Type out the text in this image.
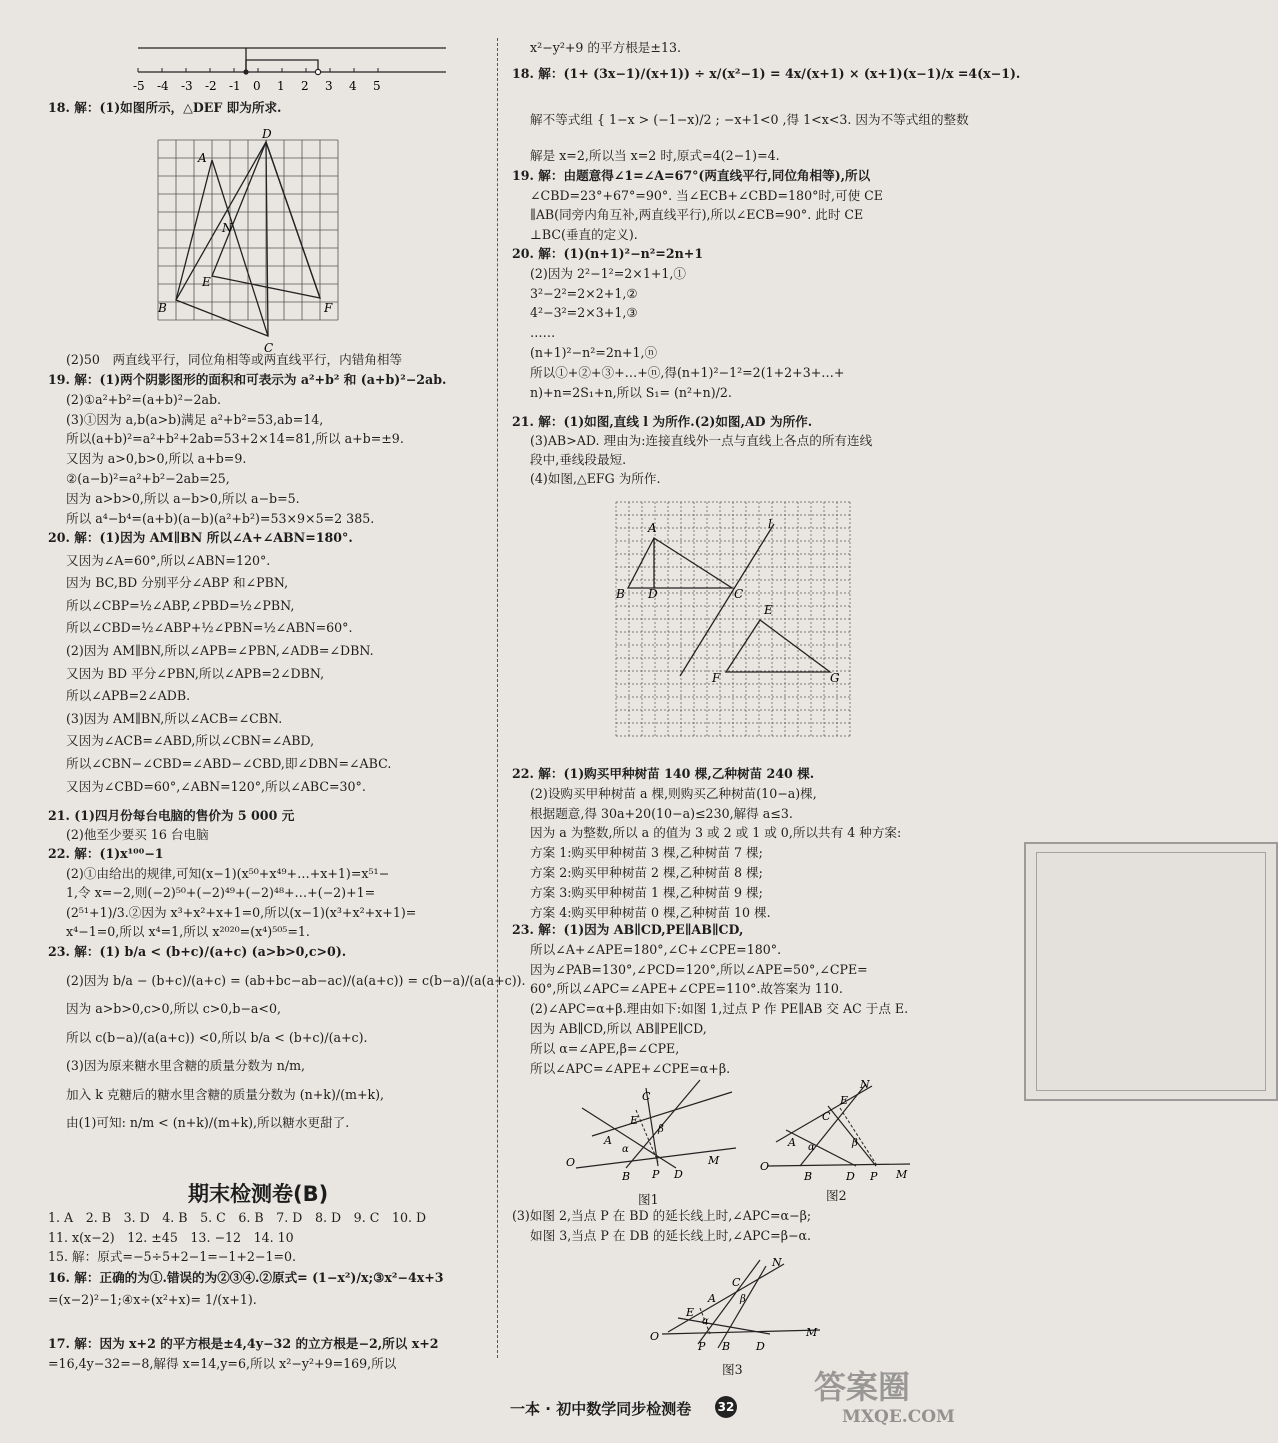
-5 -4 -3 -2 -1 0 1 2 3 4 5
18. 解：(1)如图所示，△DEF 即为所求.
D
A
N
E
B
C
F
(2)50　两直线平行，同位角相等或两直线平行，内错角相等
19. 解：(1)两个阴影图形的面积和可表示为 a²+b² 和 (a+b)²−2ab.
(2)①a²+b²=(a+b)²−2ab.
(3)①因为 a,b(a>b)满足 a²+b²=53,ab=14,
所以(a+b)²=a²+b²+2ab=53+2×14=81,所以 a+b=±9.
又因为 a>0,b>0,所以 a+b=9.
②(a−b)²=a²+b²−2ab=25,
因为 a>b>0,所以 a−b>0,所以 a−b=5.
所以 a⁴−b⁴=(a+b)(a−b)(a²+b²)=53×9×5=2 385.
20. 解：(1)因为 AM∥BN 所以∠A+∠ABN=180°.
又因为∠A=60°,所以∠ABN=120°.
因为 BC,BD 分别平分∠ABP 和∠PBN,
所以∠CBP=½∠ABP,∠PBD=½∠PBN,
所以∠CBD=½∠ABP+½∠PBN=½∠ABN=60°.
(2)因为 AM∥BN,所以∠APB=∠PBN,∠ADB=∠DBN.
又因为 BD 平分∠PBN,所以∠APB=2∠DBN,
所以∠APB=2∠ADB.
(3)因为 AM∥BN,所以∠ACB=∠CBN.
又因为∠ACB=∠ABD,所以∠CBN=∠ABD,
所以∠CBN−∠CBD=∠ABD−∠CBD,即∠DBN=∠ABC.
又因为∠CBD=60°,∠ABN=120°,所以∠ABC=30°.
21. (1)四月份每台电脑的售价为 5 000 元
(2)他至少要买 16 台电脑
22. 解：(1)x¹⁰⁰−1
(2)①由给出的规律,可知(x−1)(x⁵⁰+x⁴⁹+…+x+1)=x⁵¹−
1,令 x=−2,则(−2)⁵⁰+(−2)⁴⁹+(−2)⁴⁸+…+(−2)+1=
(2⁵¹+1)/3.②因为 x³+x²+x+1=0,所以(x−1)(x³+x²+x+1)=
x⁴−1=0,所以 x⁴=1,所以 x²⁰²⁰=(x⁴)⁵⁰⁵=1.
23. 解：(1) b/a < (b+c)/(a+c) (a>b>0,c>0).
(2)因为 b/a − (b+c)/(a+c) = (ab+bc−ab−ac)/(a(a+c)) = c(b−a)/(a(a+c)).
因为 a>b>0,c>0,所以 c>0,b−a<0,
所以 c(b−a)/(a(a+c)) <0,所以 b/a < (b+c)/(a+c).
(3)因为原来糖水里含糖的质量分数为 n/m,
加入 k 克糖后的糖水里含糖的质量分数为 (n+k)/(m+k),
由(1)可知: n/m < (n+k)/(m+k),所以糖水更甜了.
期末检测卷(B)
1. A　2. B　3. D　4. B　5. C　6. B　7. D　8. D　9. C　10. D
11. x(x−2)　12. ±45　13. −12　14. 10
15. 解：原式=−5÷5+2−1=−1+2−1=0.
16. 解：正确的为①.错误的为②③④.②原式= (1−x²)/x;③x²−4x+3
=(x−2)²−1;④x÷(x²+x)= 1/(x+1).
17. 解：因为 x+2 的平方根是±4,4y−32 的立方根是−2,所以 x+2
=16,4y−32=−8,解得 x=14,y=6,所以 x²−y²+9=169,所以
x²−y²+9 的平方根是±13.
18. 解：(1+ (3x−1)/(x+1)) ÷ x/(x²−1) = 4x/(x+1) × (x+1)(x−1)/x =4(x−1).
解不等式组 { 1−x > (−1−x)/2 ; −x+1<0 ,得 1<x<3. 因为不等式组的整数
解是 x=2,所以当 x=2 时,原式=4(2−1)=4.
19. 解：由题意得∠1=∠A=67°(两直线平行,同位角相等),所以
∠CBD=23°+67°=90°. 当∠ECB+∠CBD=180°时,可使 CE
∥AB(同旁内角互补,两直线平行),所以∠ECB=90°. 此时 CE
⊥BC(垂直的定义).
20. 解：(1)(n+1)²−n²=2n+1
(2)因为 2²−1²=2×1+1,①
3²−2²=2×2+1,②
4²−3²=2×3+1,③
……
(n+1)²−n²=2n+1,ⓝ
所以①+②+③+…+ⓝ,得(n+1)²−1²=2(1+2+3+…+
n)+n=2S₁+n,所以 S₁= (n²+n)/2.
21. 解：(1)如图,直线 l 为所作.(2)如图,AD 为所作.
(3)AB>AD. 理由为:连接直线外一点与直线上各点的所有连线
段中,垂线段最短.
(4)如图,△EFG 为所作.
A	l
B D	C
E
F	G
22. 解：(1)购买甲种树苗 140 棵,乙种树苗 240 棵.
(2)设购买甲种树苗 a 棵,则购买乙种树苗(10−a)棵,
根据题意,得 30a+20(10−a)≤230,解得 a≤3.
因为 a 为整数,所以 a 的值为 3 或 2 或 1 或 0,所以共有 4 种方案:
方案 1:购买甲种树苗 3 棵,乙种树苗 7 棵;
方案 2:购买甲种树苗 2 棵,乙种树苗 8 棵;
方案 3:购买甲种树苗 1 棵,乙种树苗 9 棵;
方案 4:购买甲种树苗 0 棵,乙种树苗 10 棵.
23. 解：(1)因为 AB∥CD,PE∥AB∥CD,
所以∠A+∠APE=180°,∠C+∠CPE=180°.
因为∠PAB=130°,∠PCD=120°,所以∠APE=50°,∠CPE=
60°,所以∠APC=∠APE+∠CPE=110°.故答案为 110.
(2)∠APC=α+β.理由如下:如图 1,过点 P 作 PE∥AB 交 AC 于点 E.
因为 AB∥CD,所以 AB∥PE∥CD,
所以 α=∠APE,β=∠CPE,
所以∠APC=∠APE+∠CPE=α+β.
C
E
β
A
α
O
B P D
M
图1
N
E
C
A α	β
O
B	D P M
图2
(3)如图 2,当点 P 在 BD 的延长线上时,∠APC=α−β;
如图 3,当点 P 在 DB 的延长线上时,∠APC=β−α.
N
C
β
A
E
α
O
P B D
M
图3
一本 · 初中数学同步检测卷 32
答案圈
MXQE.COM
